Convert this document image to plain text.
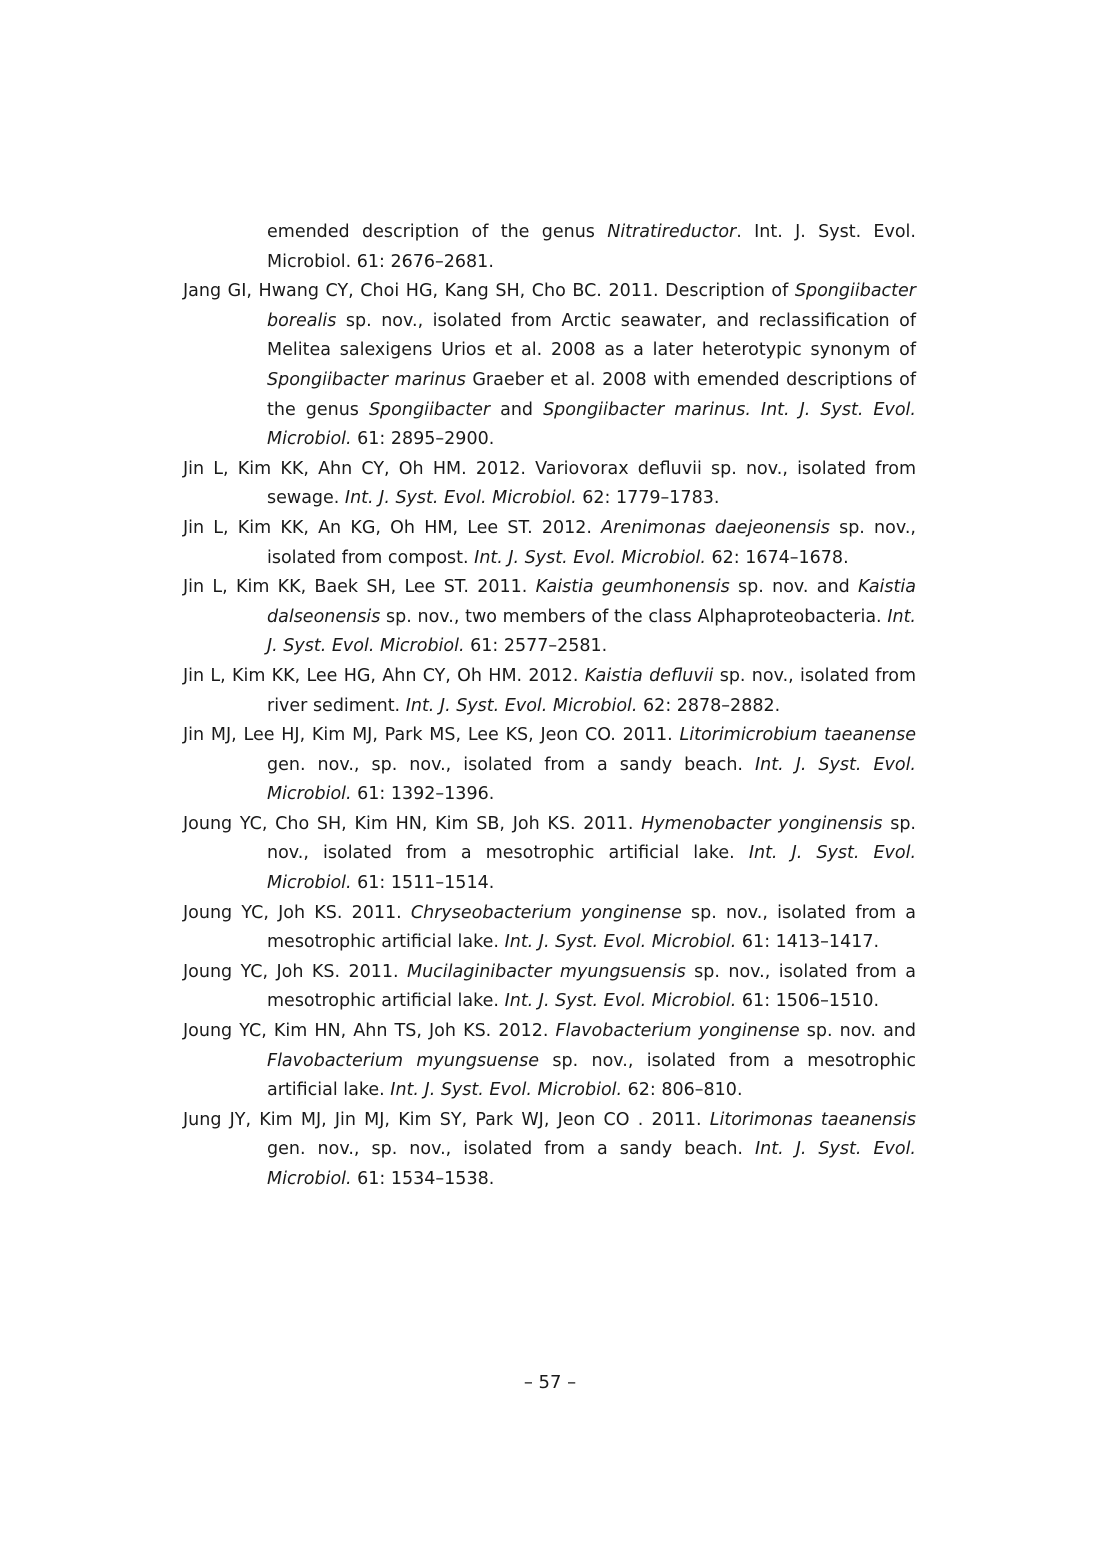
emended description of the genus Nitratireductor. Int. J. Syst. Evol. Microbiol. 61: 2676–2681.

Jang GI, Hwang CY, Choi HG, Kang SH, Cho BC. 2011. Description of Spongiibacter borealis sp. nov., isolated from Arctic seawater, and reclassification of Melitea salexigens Urios et al. 2008 as a later heterotypic synonym of Spongiibacter marinus Graeber et al. 2008 with emended descriptions of the genus Spongiibacter and Spongiibacter marinus. Int. J. Syst. Evol. Microbiol. 61: 2895–2900.

Jin L, Kim KK, Ahn CY, Oh HM. 2012. Variovorax defluvii sp. nov., isolated from sewage. Int. J. Syst. Evol. Microbiol. 62: 1779–1783.

Jin L, Kim KK, An KG, Oh HM, Lee ST. 2012. Arenimonas daejeonensis sp. nov., isolated from compost. Int. J. Syst. Evol. Microbiol. 62: 1674–1678.

Jin L, Kim KK, Baek SH, Lee ST. 2011. Kaistia geumhonensis sp. nov. and Kaistia dalseonensis sp. nov., two members of the class Alphaproteobacteria. Int. J. Syst. Evol. Microbiol. 61: 2577–2581.

Jin L, Kim KK, Lee HG, Ahn CY, Oh HM. 2012. Kaistia defluvii sp. nov., isolated from river sediment. Int. J. Syst. Evol. Microbiol. 62: 2878–2882.

Jin MJ, Lee HJ, Kim MJ, Park MS, Lee KS, Jeon CO. 2011. Litorimicrobium taeanense gen. nov., sp. nov., isolated from a sandy beach. Int. J. Syst. Evol. Microbiol. 61: 1392–1396.

Joung YC, Cho SH, Kim HN, Kim SB, Joh KS. 2011. Hymenobacter yonginensis sp. nov., isolated from a mesotrophic artificial lake. Int. J. Syst. Evol. Microbiol. 61: 1511–1514.

Joung YC, Joh KS. 2011. Chryseobacterium yonginense sp. nov., isolated from a mesotrophic artificial lake. Int. J. Syst. Evol. Microbiol. 61: 1413–1417.

Joung YC, Joh KS. 2011. Mucilaginibacter myungsuensis sp. nov., isolated from a mesotrophic artificial lake. Int. J. Syst. Evol. Microbiol. 61: 1506–1510.

Joung YC, Kim HN, Ahn TS, Joh KS. 2012. Flavobacterium yonginense sp. nov. and Flavobacterium myungsuense sp. nov., isolated from a mesotrophic artificial lake. Int. J. Syst. Evol. Microbiol. 62: 806–810.

Jung JY, Kim MJ, Jin MJ, Kim SY, Park WJ, Jeon CO . 2011. Litorimonas taeanensis gen. nov., sp. nov., isolated from a sandy beach. Int. J. Syst. Evol. Microbiol. 61: 1534–1538.

– 57 –
